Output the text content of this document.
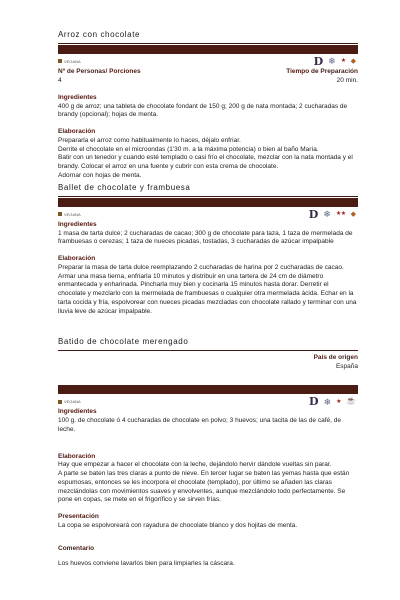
Arroz con chocolate
VEGANA	D ❄ ★ ◆
Nº de Personas/ Porciones
4
Tiempo de Preparación
20 min.
Ingredientes
400 g de arroz; una tableta de chocolate fondant de 150 g; 200 g de nata montada; 2 cucharadas de brandy (opcional); hojas de menta.
Elaboración
Prepararla el arroz como habitualmente lo haces, déjalo enfriar.
Derrite el chocolate en el microondas (1'30 m. a la máxima potencia) o bien al baño María.
Batir con un tenedor y cuando esté templado o casi frío el chocolate, mezclar con la nata montada y el brandy. Colocar el arroz en una fuente y cubrir con esta crema de chocolate.
Adornar con hojas de menta.
Ballet de chocolate y frambuesa
VEGANA	D ❄ ★★ ◆
Ingredientes
1 masa de tarta dulce; 2 cucharadas de cacao; 300 g de chocolate para taza, 1 taza de mermelada de frambuesas o cerezas; 1 taza de nueces picadas, tostadas, 3 cucharadas de azúcar impalpable
Elaboración
Preparar la masa de tarta dulce reemplazando 2 cucharadas de harina por 2 cucharadas de cacao. Armar una masa tierna, enfriarla 10 minutos y distribuir en una tartera de 24 cm de diámetro enmantecada y enharinada. Pincharla muy bien y cocinarla 15 minutos hasta dorar. Derretir el chocolate y mezclarlo con la mermelada de frambuesas o cualquier otra mermelada ácida. Echar en la tarta cocida y fría, espolvorear con nueces picadas mezcladas con chocolate rallado y terminar con una lluvia leve de azúcar impalpable.
Batido de chocolate merengado
País de origen
España
VEGANA	D ❄ ★ ☕
Ingredientes
100 g. de chocolate ó 4 cucharadas de chocolate en polvo; 3 huevos; una tacita de las de café, de leche.
Elaboración
Hay que empezar a hacer el chocolate con la leche, dejándolo hervir dándole vueltas sin parar.
A parte se baten las tres claras a punto de nieve. En tercer lugar se baten las yemas hasta que están espumosas, entonces se les incorpora el chocolate (templado), por último se añaden las claras mezclándolas con movimientos suaves y envolventes, aunque mezclándolo todo perfectamente. Se pone en copas, se mete en el frigorífico y se sirven frías.
Presentación
La copa se espolvoreará con rayadura de chocolate blanco y dos hojitas de menta.
Comentario
Los huevos conviene lavarlos bien para limpiarles la cáscara.
